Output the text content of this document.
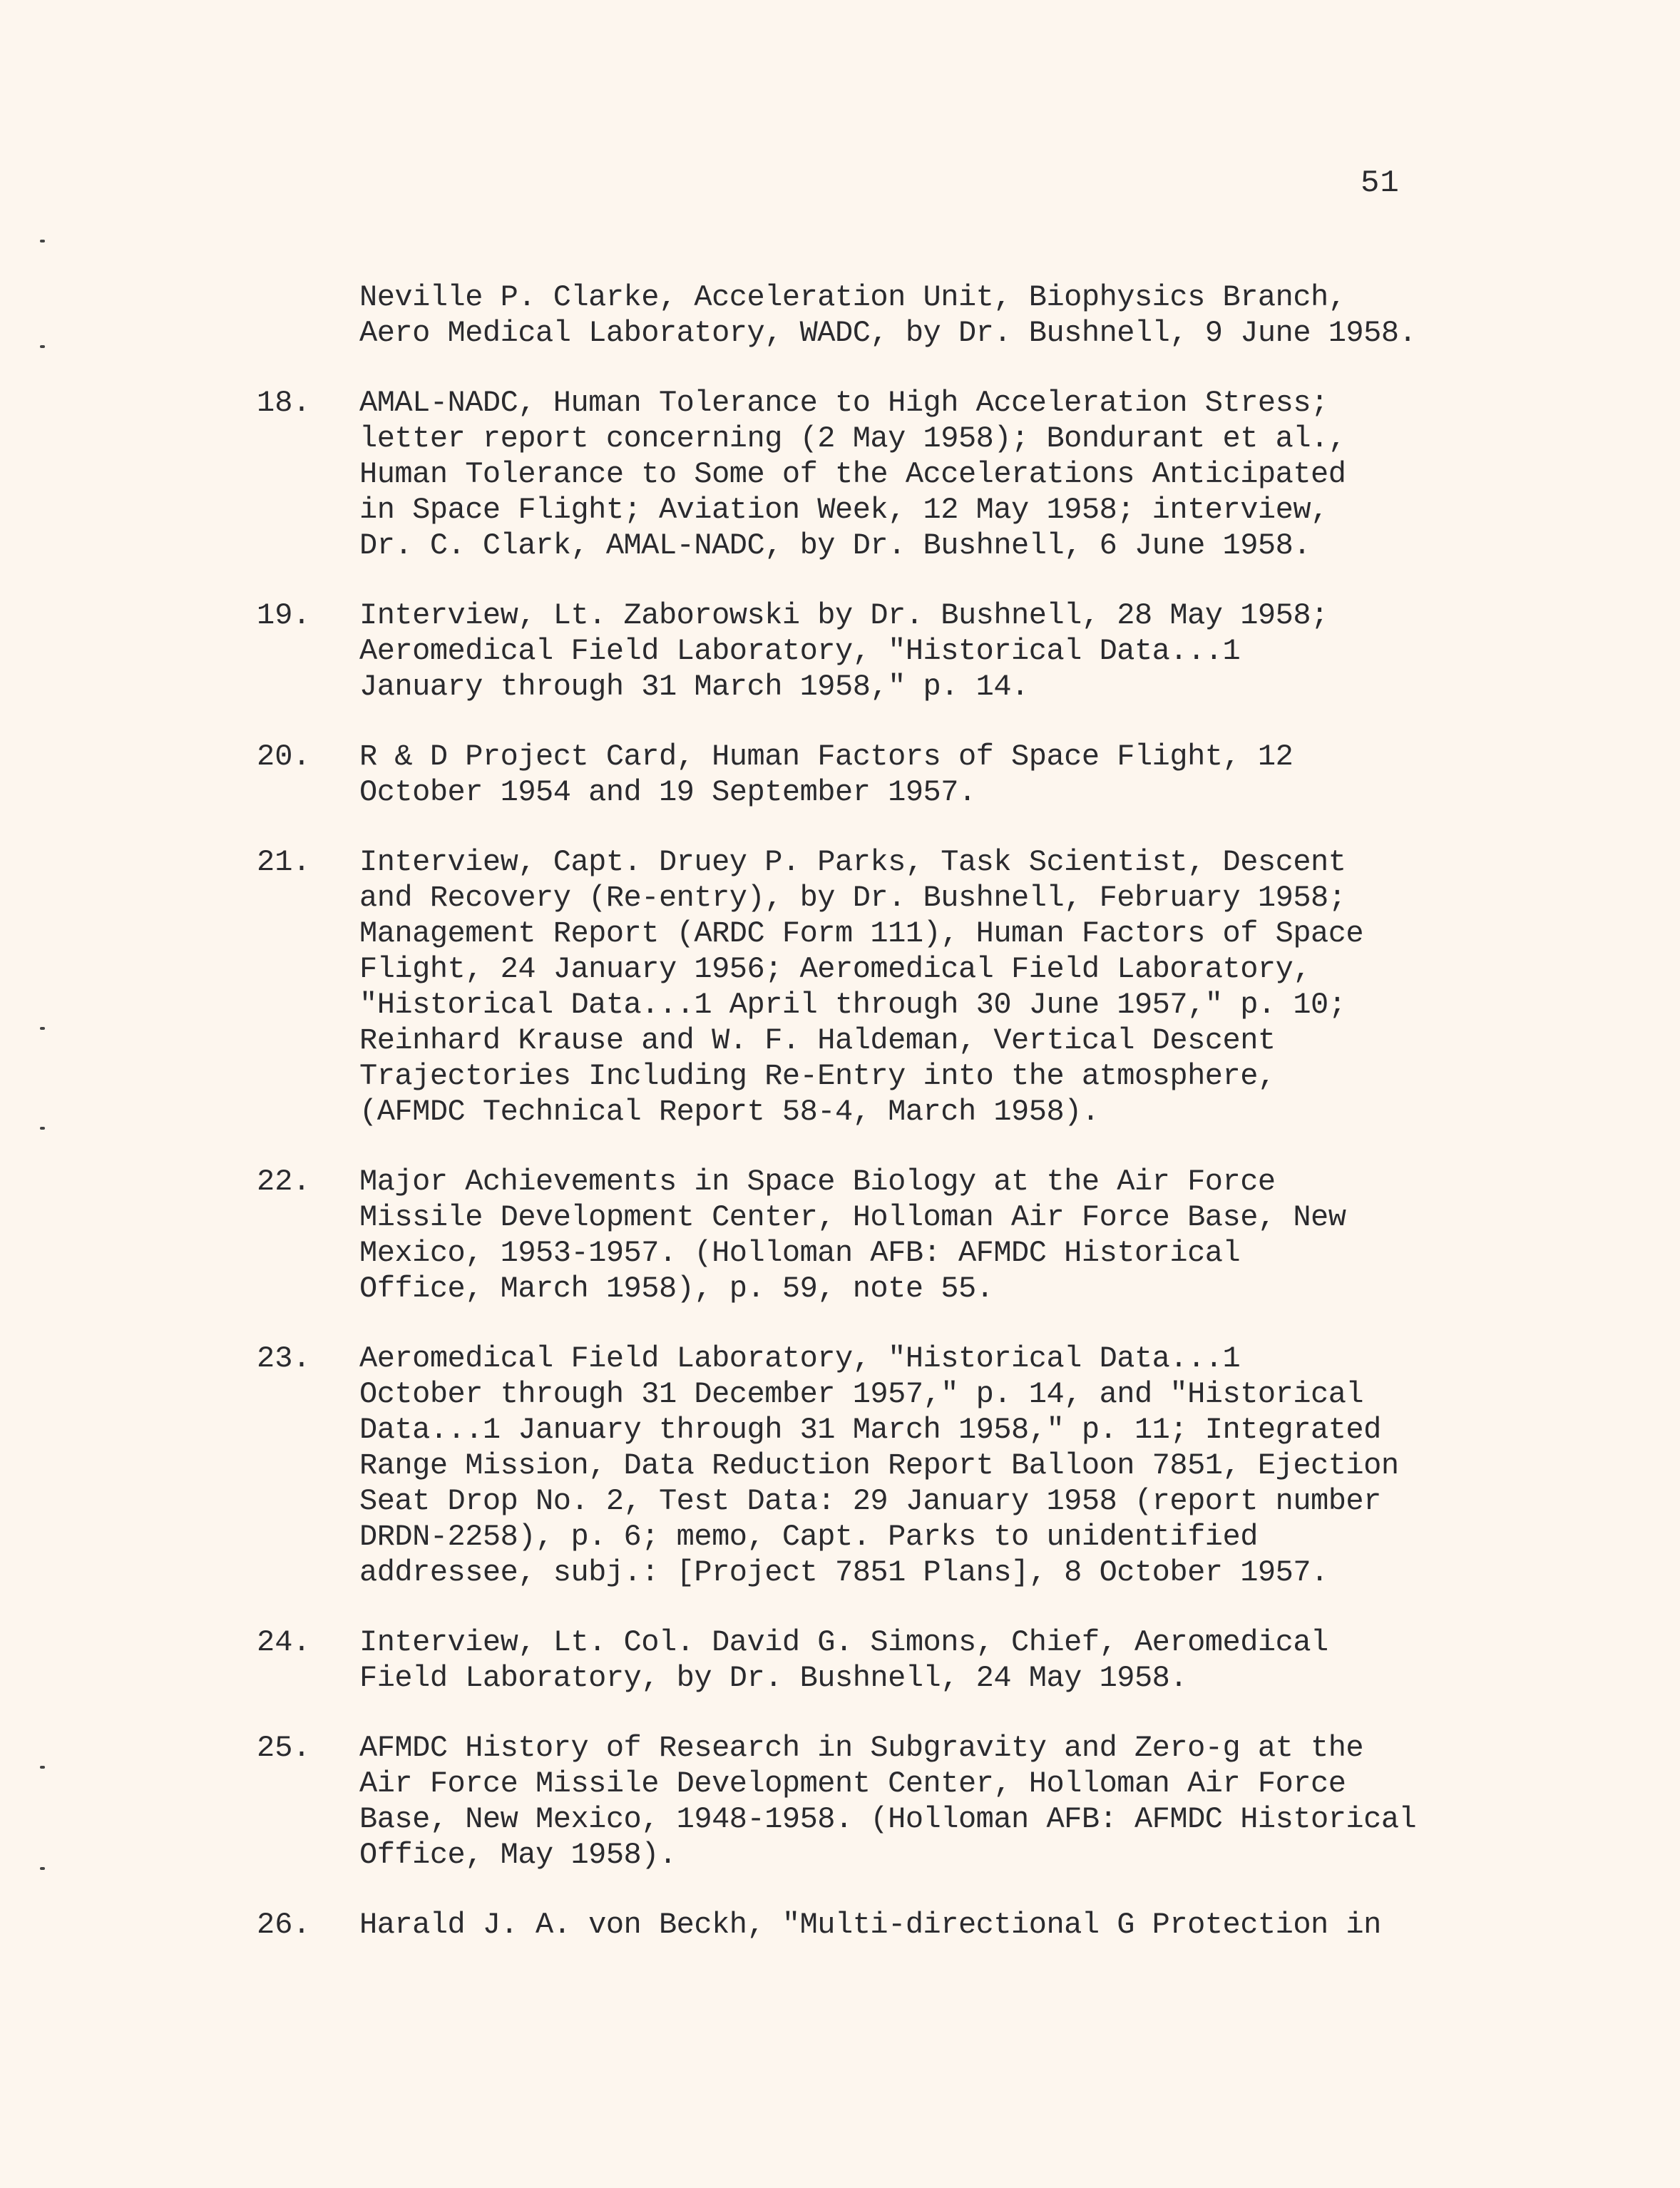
51
Neville P. Clarke, Acceleration Unit, Biophysics Branch,
Aero Medical Laboratory, WADC, by Dr. Bushnell, 9 June 1958.
18.	AMAL-NADC, Human Tolerance to High Acceleration Stress;
letter report concerning (2 May 1958); Bondurant et al.,
Human Tolerance to Some of the Accelerations Anticipated
in Space Flight; Aviation Week, 12 May 1958; interview,
Dr. C. Clark, AMAL-NADC, by Dr. Bushnell, 6 June 1958.
19.	Interview, Lt. Zaborowski by Dr. Bushnell, 28 May 1958;
Aeromedical Field Laboratory, "Historical Data...1
January through 31 March 1958," p. 14.
20.	R & D Project Card, Human Factors of Space Flight, 12
October 1954 and 19 September 1957.
21.	Interview, Capt. Druey P. Parks, Task Scientist, Descent
and Recovery (Re-entry), by Dr. Bushnell, February 1958;
Management Report (ARDC Form 111), Human Factors of Space
Flight, 24 January 1956; Aeromedical Field Laboratory,
"Historical Data...1 April through 30 June 1957," p. 10;
Reinhard Krause and W. F. Haldeman, Vertical Descent
Trajectories Including Re-Entry into the atmosphere,
(AFMDC Technical Report 58-4, March 1958).
22.	Major Achievements in Space Biology at the Air Force
Missile Development Center, Holloman Air Force Base, New
Mexico, 1953-1957. (Holloman AFB: AFMDC Historical
Office, March 1958), p. 59, note 55.
23.	Aeromedical Field Laboratory, "Historical Data...1
October through 31 December 1957," p. 14, and "Historical
Data...1 January through 31 March 1958," p. 11; Integrated
Range Mission, Data Reduction Report Balloon 7851, Ejection
Seat Drop No. 2, Test Data: 29 January 1958 (report number
DRDN-2258), p. 6; memo, Capt. Parks to unidentified
addressee, subj.: [Project 7851 Plans], 8 October 1957.
24.	Interview, Lt. Col. David G. Simons, Chief, Aeromedical
Field Laboratory, by Dr. Bushnell, 24 May 1958.
25.	AFMDC History of Research in Subgravity and Zero-g at the
Air Force Missile Development Center, Holloman Air Force
Base, New Mexico, 1948-1958. (Holloman AFB: AFMDC Historical
Office, May 1958).
26.	Harald J. A. von Beckh, "Multi-directional G Protection in
